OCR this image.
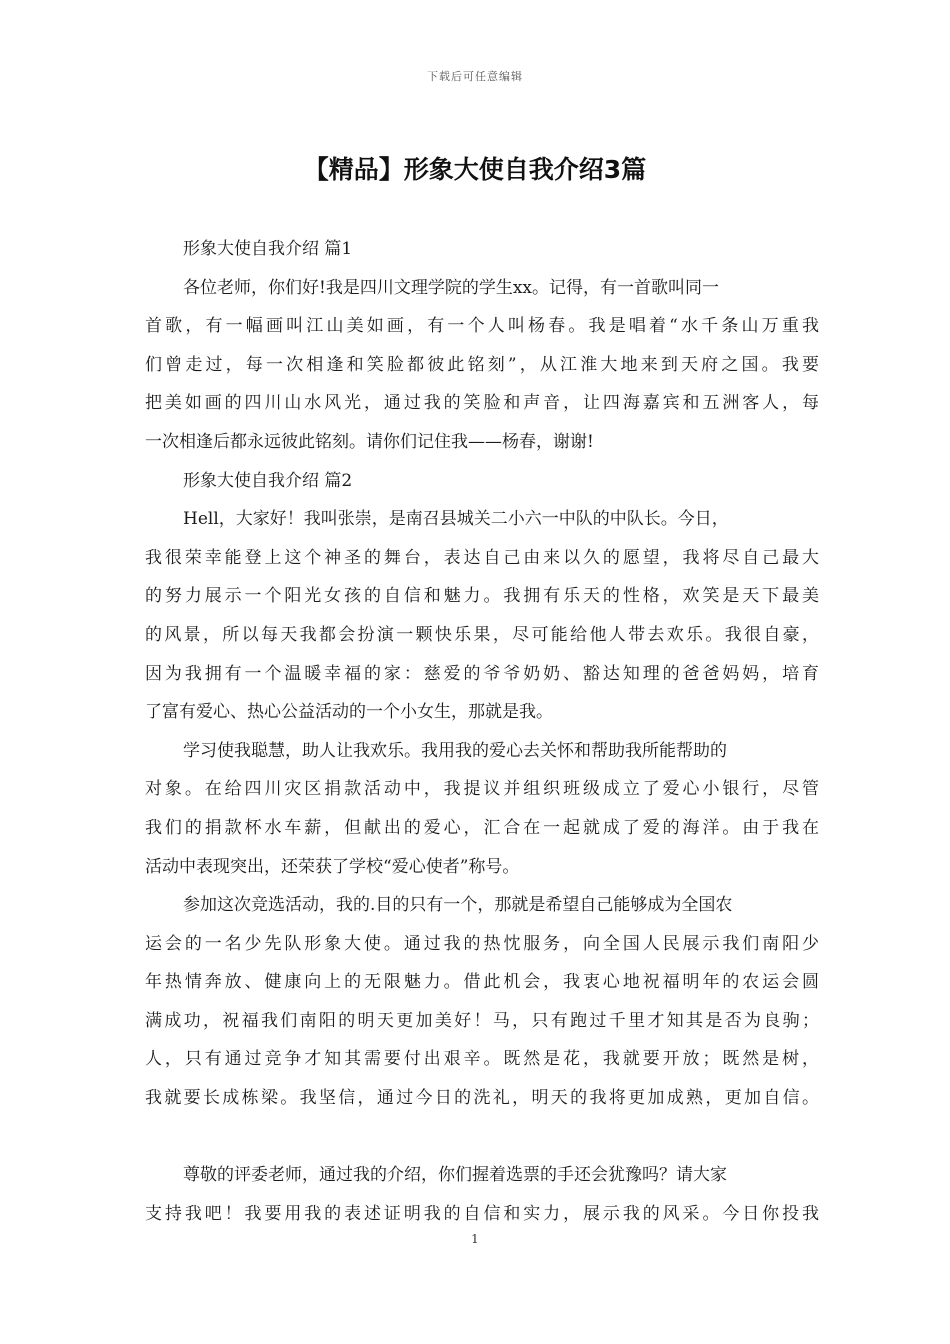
下载后可任意编辑
【精品】形象大使自我介绍3篇
形象大使自我介绍 篇1
各位老师，你们好!我是四川文理学院的学生xx。记得，有一首歌叫同一
首歌，有一幅画叫江山美如画，有一个人叫杨春。我是唱着“水千条山万重我
们曾走过，每一次相逢和笑脸都彼此铭刻”，从江淮大地来到天府之国。我要
把美如画的四川山水风光，通过我的笑脸和声音，让四海嘉宾和五洲客人，每
一次相逢后都永远彼此铭刻。请你们记住我——杨春，谢谢!
形象大使自我介绍 篇2
Hell，大家好！我叫张崇，是南召县城关二小六一中队的中队长。今日，
我很荣幸能登上这个神圣的舞台，表达自己由来以久的愿望，我将尽自己最大
的努力展示一个阳光女孩的自信和魅力。我拥有乐天的性格，欢笑是天下最美
的风景，所以每天我都会扮演一颗快乐果，尽可能给他人带去欢乐。我很自豪，
因为我拥有一个温暖幸福的家：慈爱的爷爷奶奶、豁达知理的爸爸妈妈，培育
了富有爱心、热心公益活动的一个小女生，那就是我。
学习使我聪慧，助人让我欢乐。我用我的爱心去关怀和帮助我所能帮助的
对象。在给四川灾区捐款活动中，我提议并组织班级成立了爱心小银行，尽管
我们的捐款杯水车薪，但献出的爱心，汇合在一起就成了爱的海洋。由于我在
活动中表现突出，还荣获了学校“爱心使者”称号。
参加这次竞选活动，我的.目的只有一个，那就是希望自己能够成为全国农
运会的一名少先队形象大使。通过我的热忱服务，向全国人民展示我们南阳少
年热情奔放、健康向上的无限魅力。借此机会，我衷心地祝福明年的农运会圆
满成功，祝福我们南阳的明天更加美好！马，只有跑过千里才知其是否为良驹；
人，只有通过竞争才知其需要付出艰辛。既然是花，我就要开放；既然是树，
我就要长成栋梁。我坚信，通过今日的洗礼，明天的我将更加成熟，更加自信。
尊敬的评委老师，通过我的介绍，你们握着选票的手还会犹豫吗？请大家
支持我吧！我要用我的表述证明我的自信和实力，展示我的风采。今日你投我
1
